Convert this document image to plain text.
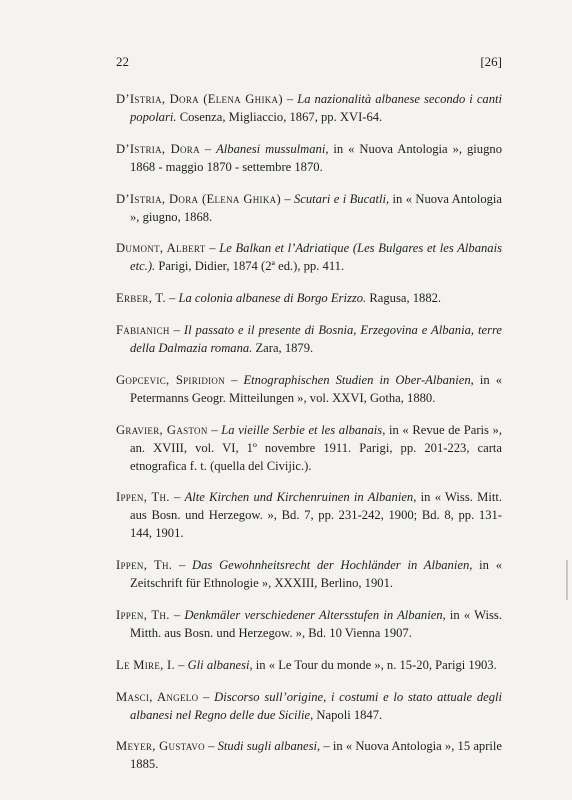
22	[26]

D’Istria, Dora (Elena Ghika) – La nazionalità albanese secondo i canti popolari. Cosenza, Migliaccio, 1867, pp. XVI-64.

D’Istria, Dora – Albanesi mussulmani, in « Nuova Antologia », giugno 1868 - maggio 1870 - settembre 1870.

D’Istria, Dora (Elena Ghika) – Scutari e i Bucatli, in « Nuova Antologia », giugno, 1868.

Dumont, Albert – Le Balkan et l’Adriatique (Les Bulgares et les Albanais etc.). Parigi, Didier, 1874 (2ª ed.), pp. 411.

Erber, T. – La colonia albanese di Borgo Erizzo. Ragusa, 1882.

Fabianich – Il passato e il presente di Bosnia, Erzegovina e Albania, terre della Dalmazia romana. Zara, 1879.

Gopcevic, Spiridion – Etnographischen Studien in Ober-Albanien, in « Petermanns Geogr. Mitteilungen », vol. XXVI, Gotha, 1880.

Gravier, Gaston – La vieille Serbie et les albanais, in « Revue de Paris », an. XVIII, vol. VI, 1º novembre 1911. Parigi, pp. 201-223, carta etnografica f. t. (quella del Civijic.).

Ippen, Th. – Alte Kirchen und Kirchenruinen in Albanien, in « Wiss. Mitt. aus Bosn. und Herzegow. », Bd. 7, pp. 231-242, 1900; Bd. 8, pp. 131-144, 1901.

Ippen, Th. – Das Gewohnheitsrecht der Hochländer in Albanien, in « Zeitschrift für Ethnologie », XXXIII, Berlino, 1901.

Ippen, Th. – Denkmäler verschiedener Altersstufen in Albanien, in « Wiss. Mitth. aus Bosn. und Herzegow. », Bd. 10 Vienna 1907.

Le Mire, I. – Gli albanesi, in « Le Tour du monde », n. 15-20, Parigi 1903.

Masci, Angelo – Discorso sull’origine, i costumi e lo stato attuale degli albanesi nel Regno delle due Sicilie, Napoli 1847.

Meyer, Gustavo – Studi sugli albanesi, – in « Nuova Antologia », 15 aprile 1885.
